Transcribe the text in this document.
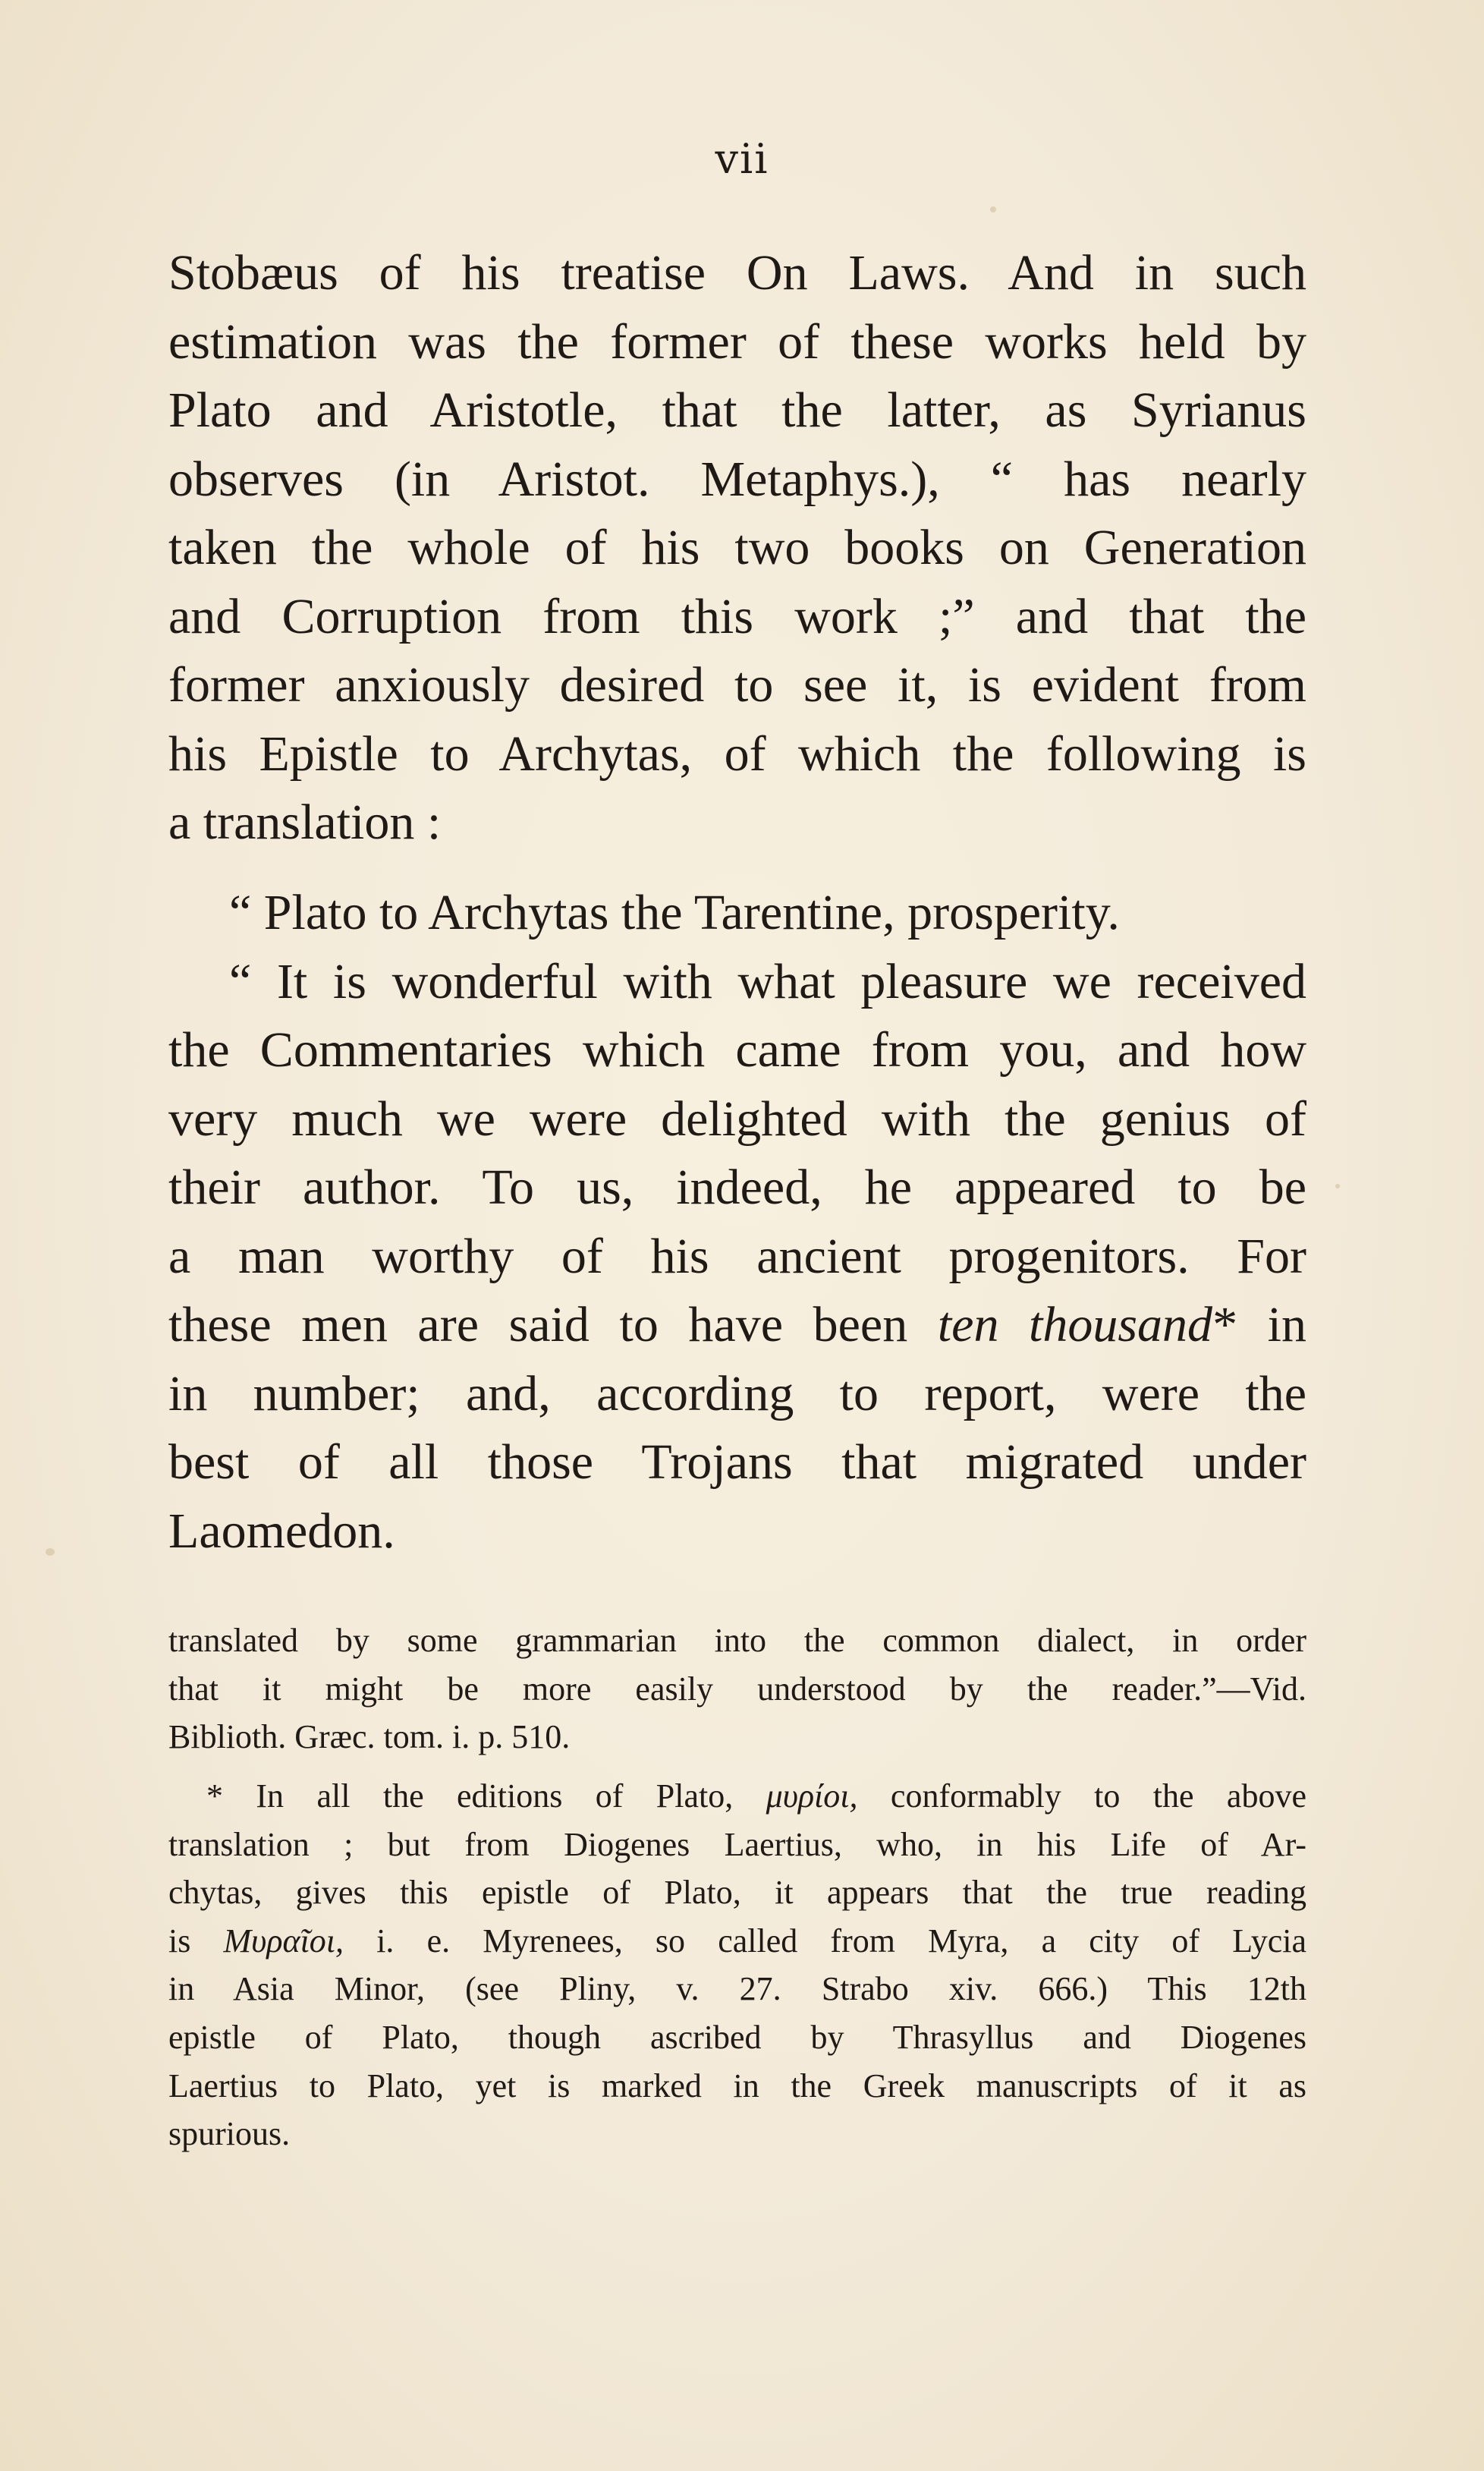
vii
Stobæus of his treatise On Laws. And in such
estimation was the former of these works held by
Plato and Aristotle, that the latter, as Syrianus
observes (in Aristot. Metaphys.), “ has nearly
taken the whole of his two books on Generation
and Corruption from this work ;” and that the
former anxiously desired to see it, is evident from
his Epistle to Archytas, of which the following is
a translation :
“ Plato to Archytas the Tarentine, prosperity.
“ It is wonderful with what pleasure we received
the Commentaries which came from you, and how
very much we were delighted with the genius of
their author. To us, indeed, he appeared to be
a man worthy of his ancient progenitors. For
these men are said to have been ten thousand* in
in number; and, according to report, were the
best of all those Trojans that migrated under
Laomedon.
translated by some grammarian into the common dialect, in order
that it might be more easily understood by the reader.”—Vid.
Biblioth. Græc. tom. i. p. 510.
* In all the editions of Plato, μυρίοι, conformably to the above
translation ; but from Diogenes Laertius, who, in his Life of Ar-
chytas, gives this epistle of Plato, it appears that the true reading
is Μυραῖοι, i. e. Myrenees, so called from Myra, a city of Lycia
in Asia Minor, (see Pliny, v. 27. Strabo xiv. 666.) This 12th
epistle of Plato, though ascribed by Thrasyllus and Diogenes
Laertius to Plato, yet is marked in the Greek manuscripts of it as
spurious.
